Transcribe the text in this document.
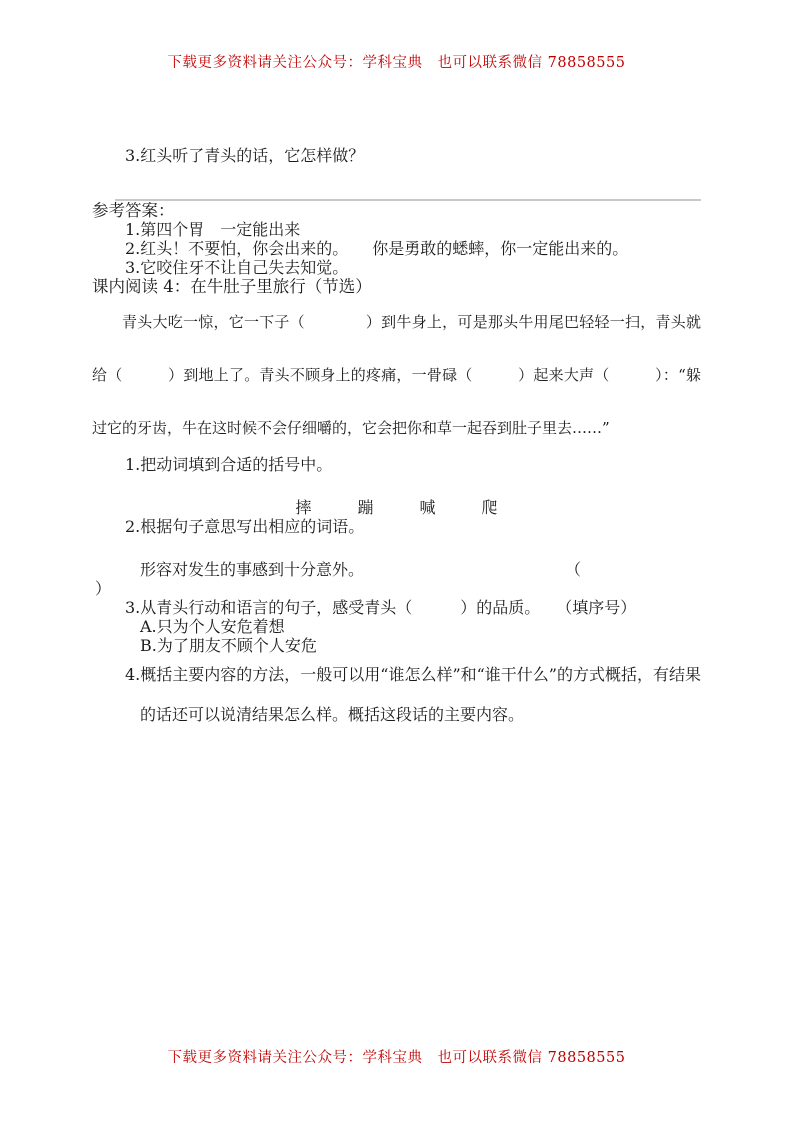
下载更多资料请关注公众号：学科宝典　也可以联系微信 78858555

3.红头听了青头的话，它怎样做？

参考答案：

1.第四个胃　一定能出来

2.红头！不要怕，你会出来的。　　你是勇敢的蟋蟀，你一定能出来的。

3.它咬住牙不让自己失去知觉。

课内阅读 4：在牛肚子里旅行（节选）

青头大吃一惊，它一下子（　　　　）到牛身上，可是那头牛用尾巴轻轻一扫，青头就给（　　　）到地上了。青头不顾身上的疼痛，一骨碌（　　　）起来大声（　　　）：“躲过它的牙齿，牛在这时候不会仔细嚼的，它会把你和草一起吞到肚子里去……”

1.把动词填到合适的括号中。

摔	蹦	喊	爬

2.根据句子意思写出相应的词语。

形容对发生的事感到十分意外。	（

）

3.从青头行动和语言的句子，感受青头（　　　）的品质。　　（填序号）

A.只为个人安危着想

B.为了朋友不顾个人安危

4.概括主要内容的方法，一般可以用“谁怎么样”和“谁干什么”的方式概括，有结果的话还可以说清结果怎么样。概括这段话的主要内容。

下载更多资料请关注公众号：学科宝典　也可以联系微信 78858555
